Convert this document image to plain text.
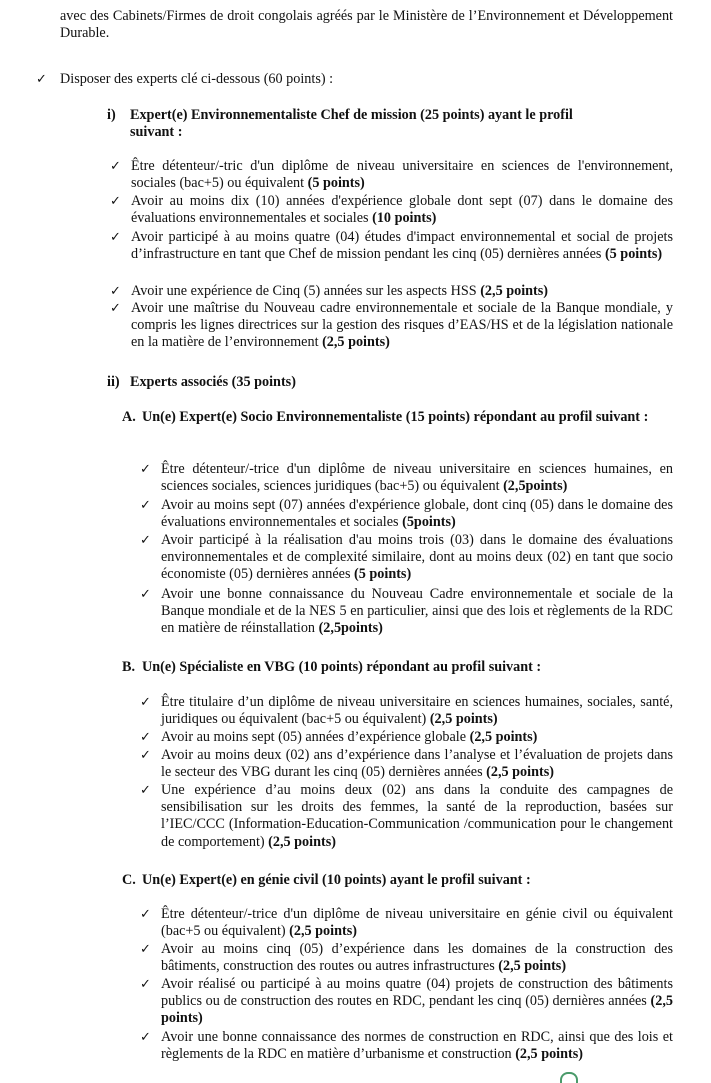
avec des Cabinets/Firmes de droit congolais agréés par le Ministère de l’Environnement et Développement Durable.
✓ Disposer des experts clé ci-dessous (60 points) :
i)	Expert(e) Environnementaliste Chef de mission (25 points) ayant le profil suivant :
✓ Être détenteur/-tric d'un diplôme de niveau universitaire en sciences de l'environnement, sociales (bac+5) ou équivalent (5 points)
✓ Avoir au moins dix (10) années d'expérience globale dont sept (07) dans le domaine des évaluations environnementales et sociales (10 points)
✓ Avoir participé à au moins quatre (04) études d'impact environnemental et social de projets d’infrastructure en tant que Chef de mission pendant les cinq (05) dernières années (5 points)
✓ Avoir une expérience de Cinq (5) années sur les aspects HSS (2,5 points)
✓ Avoir une maîtrise du Nouveau cadre environnementale et sociale de la Banque mondiale, y compris les lignes directrices sur la gestion des risques d’EAS/HS et de la législation nationale en la matière de l’environnement (2,5 points)
ii) Experts associés (35 points)
A. Un(e) Expert(e) Socio Environnementaliste (15 points) répondant au profil suivant :
✓ Être détenteur/-trice d'un diplôme de niveau universitaire en sciences humaines, en sciences sociales, sciences juridiques (bac+5) ou équivalent (2,5points)
✓ Avoir au moins sept (07) années d'expérience globale, dont cinq (05) dans le domaine des évaluations environnementales et sociales (5points)
✓ Avoir participé à la réalisation d'au moins trois (03) dans le domaine des évaluations environnementales et de complexité similaire, dont au moins deux (02) en tant que socio économiste (05) dernières années (5 points)
✓ Avoir une bonne connaissance du Nouveau Cadre environnementale et sociale de la Banque mondiale et de la NES 5 en particulier, ainsi que des lois et règlements de la RDC en matière de réinstallation (2,5points)
B. Un(e) Spécialiste en VBG (10 points) répondant au profil suivant :
✓ Être titulaire d’un diplôme de niveau universitaire en sciences humaines, sociales, santé, juridiques ou équivalent (bac+5 ou équivalent) (2,5 points)
✓ Avoir au moins sept (05) années d’expérience globale (2,5 points)
✓ Avoir au moins deux (02) ans d’expérience dans l’analyse et l’évaluation de projets dans le secteur des VBG durant les cinq (05) dernières années (2,5 points)
✓ Une expérience d’au moins deux (02) ans dans la conduite des campagnes de sensibilisation sur les droits des femmes, la santé de la reproduction, basées sur l’IEC/CCC (Information-Education-Communication /communication pour le changement de comportement) (2,5 points)
C. Un(e) Expert(e) en génie civil (10 points) ayant le profil suivant :
✓ Être détenteur/-trice d'un diplôme de niveau universitaire en génie civil ou équivalent (bac+5 ou équivalent) (2,5 points)
✓ Avoir au moins cinq (05) d’expérience dans les domaines de la construction des bâtiments, construction des routes ou autres infrastructures (2,5 points)
✓ Avoir réalisé ou participé à au moins quatre (04) projets de construction des bâtiments publics ou de construction des routes en RDC, pendant les cinq (05) dernières années (2,5 points)
✓ Avoir une bonne connaissance des normes de construction en RDC, ainsi que des lois et règlements de la RDC en matière d’urbanisme et construction (2,5 points)
